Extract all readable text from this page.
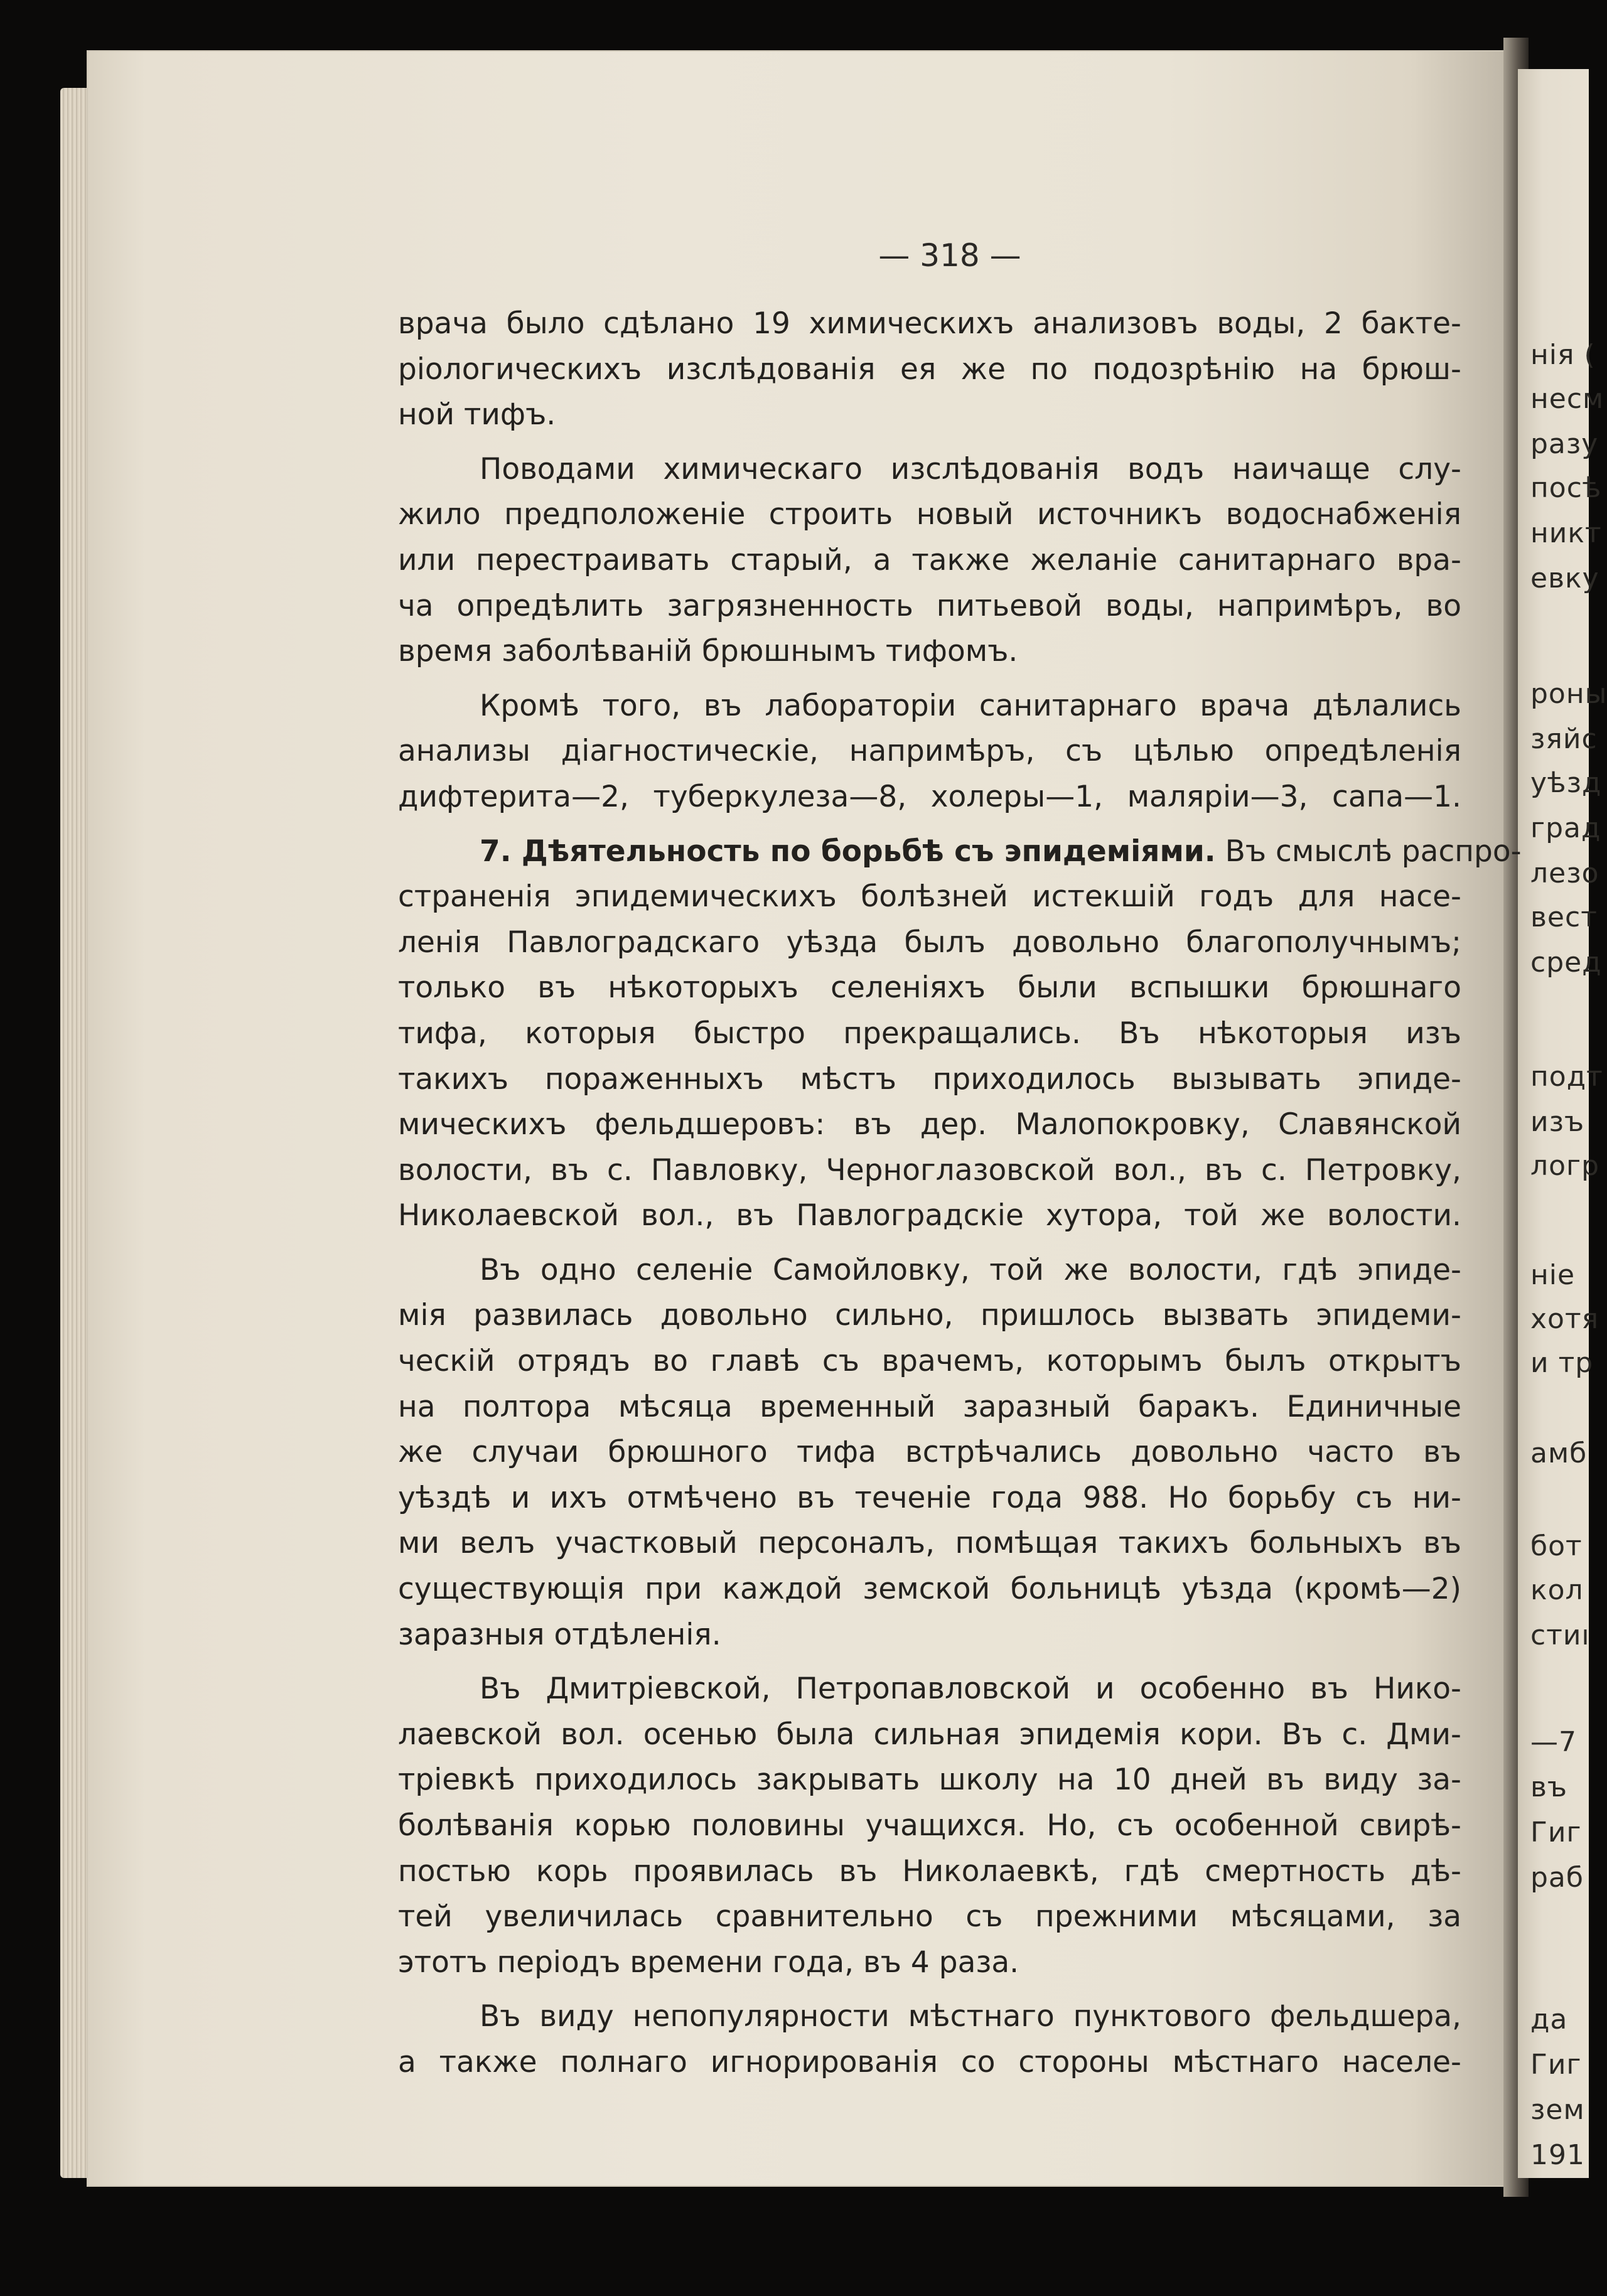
нія (
несм
разу
посѣ
никт
евку
роны
зяйс
уѣзд
град
лезо
вест
сред
подт
изъ
логр
ніе
хотя
и тр
амб
бот
кол
стиı
—7
въ
Гиг
раб
да
Гиг
зем
191
— 318 —
врача было сдѣлано 19 химическихъ анализовъ воды, 2 бакте-
ріологическихъ изслѣдованія ея же по подозрѣнію на брюш-
ной тифъ.
Поводами химическаго изслѣдованія водъ наичаще слу-
жило предположеніе строить новый источникъ водоснабженія
или перестраивать старый, а также желаніе санитарнаго вра-
ча опредѣлить загрязненность питьевой воды, напримѣръ, во
время заболѣваній брюшнымъ тифомъ.
Кромѣ того, въ лабораторіи санитарнаго врача дѣлались
анализы діагностическіе, напримѣръ, съ цѣлью опредѣленія
дифтерита—2, туберкулеза—8, холеры—1, маляріи—3, сапа—1.
7. Дѣятельность по борьбѣ съ эпидеміями. Въ смыслѣ распро-
страненія эпидемическихъ болѣзней истекшій годъ для насе-
ленія Павлоградскаго уѣзда былъ довольно благополучнымъ;
только въ нѣкоторыхъ селеніяхъ были вспышки брюшнаго
тифа, которыя быстро прекращались. Въ нѣкоторыя изъ
такихъ пораженныхъ мѣстъ приходилось вызывать эпиде-
мическихъ фельдшеровъ: въ дер. Малопокровку, Славянской
волости, въ с. Павловку, Черноглазовской вол., въ с. Петровку,
Николаевской вол., въ Павлоградскіе хутора, той же волости.
Въ одно селеніе Самойловку, той же волости, гдѣ эпиде-
мія развилась довольно сильно, пришлось вызвать эпидеми-
ческій отрядъ во главѣ съ врачемъ, которымъ былъ открытъ
на полтора мѣсяца временный заразный баракъ. Единичные
же случаи брюшного тифа встрѣчались довольно часто въ
уѣздѣ и ихъ отмѣчено въ теченіе года 988. Но борьбу съ ни-
ми велъ участковый персоналъ, помѣщая такихъ больныхъ въ
существующія при каждой земской больницѣ уѣзда (кромѣ—2)
заразныя отдѣленія.
Въ Дмитріевской, Петропавловской и особенно въ Нико-
лаевской вол. осенью была сильная эпидемія кори. Въ с. Дми-
тріевкѣ приходилось закрывать школу на 10 дней въ виду за-
болѣванія корью половины учащихся. Но, съ особенной свирѣ-
постью корь проявилась въ Николаевкѣ, гдѣ смертность дѣ-
тей увеличилась сравнительно съ прежними мѣсяцами, за
этотъ періодъ времени года, въ 4 раза.
Въ виду непопулярности мѣстнаго пунктового фельдшера,
а также полнаго игнорированія со стороны мѣстнаго населе-
